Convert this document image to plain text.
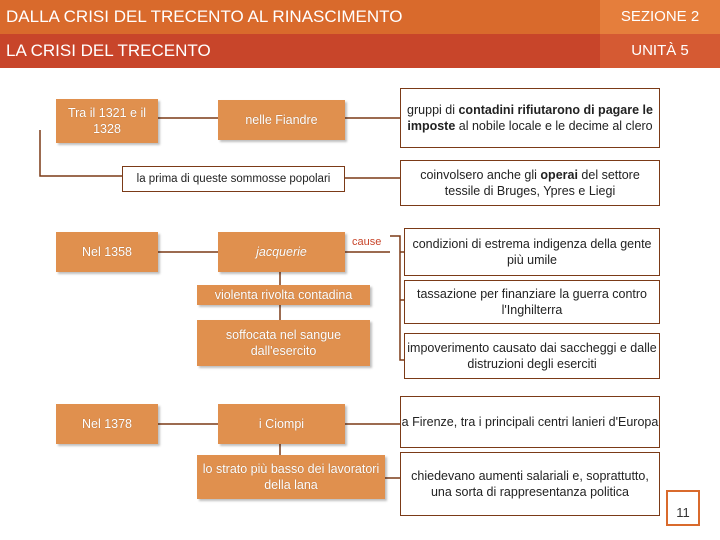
DALLA CRISI DEL TRECENTO AL RINASCIMENTO	SEZIONE 2
LA CRISI DEL TRECENTO	UNITÀ 5
Tra il 1321 e il 1328
nelle Fiandre
la prima di queste sommosse popolari
gruppi di contadini rifiutarono di pagare le imposte al nobile locale e le decime al clero
coinvolsero anche gli operai del settore tessile di Bruges, Ypres e Liegi
Nel 1358	jacquerie
cause
violenta rivolta contadina
soffocata nel sangue dall'esercito
condizioni di estrema indigenza della gente più umile
tassazione per finanziare la guerra contro l'Inghilterra
impoverimento causato dai saccheggi e dalle distruzioni degli eserciti
Nel 1378	i Ciompi
lo strato più basso dei lavoratori della lana
a Firenze, tra i principali centri lanieri d'Europa
chiedevano aumenti salariali e, soprattutto, una sorta di rappresentanza politica
11
